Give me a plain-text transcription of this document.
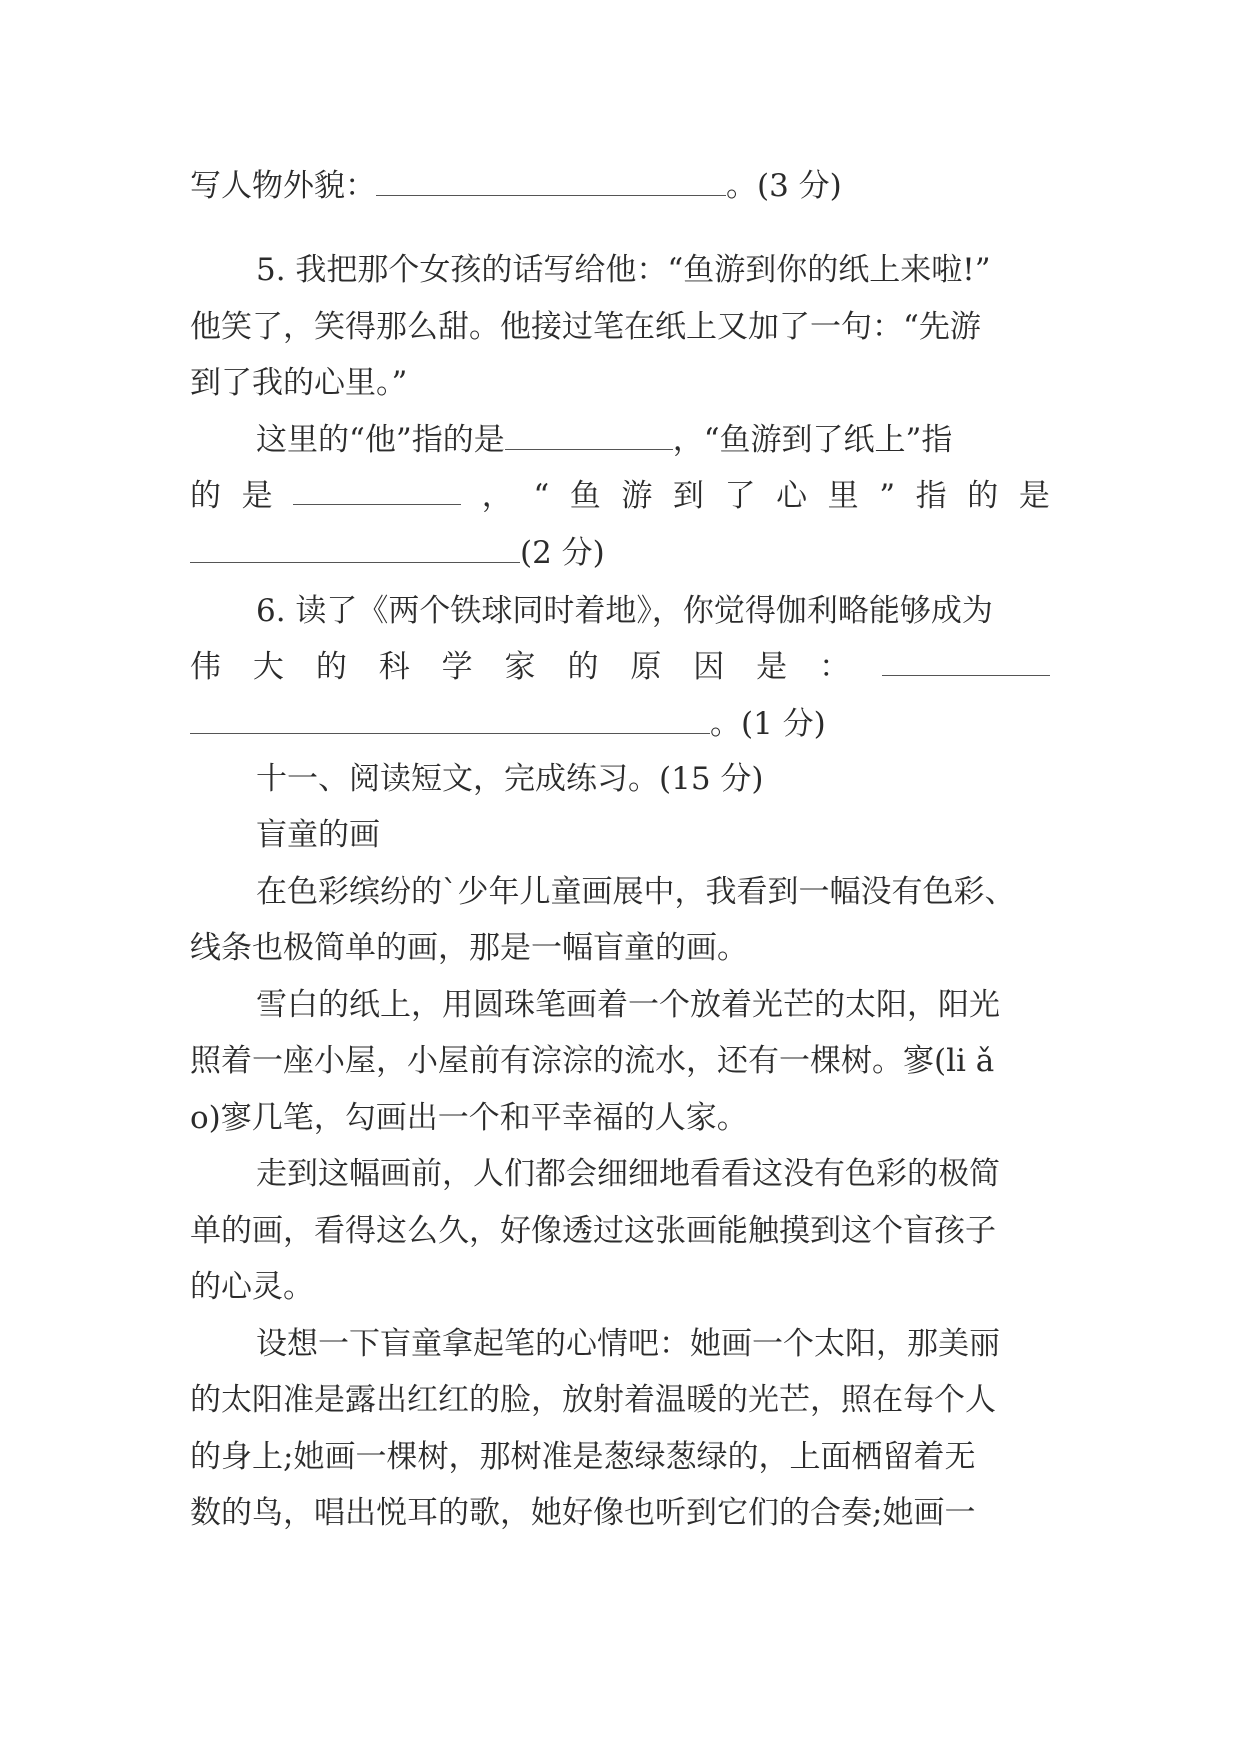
写人物外貌：	。(3 分)
5. 我把那个女孩的话写给他：“鱼游到你的纸上来啦!”
他笑了，笑得那么甜。他接过笔在纸上又加了一句：“先游
到了我的心里。”
这里的“他”指的是	，“鱼游到了纸上”指
的 是	， “ 鱼 游 到 了 心 里 ” 指 的 是
(2 分)
6. 读了《两个铁球同时着地》，你觉得伽利略能够成为
伟 大 的 科 学 家 的 原 因 是 ：
。(1 分)
十一、阅读短文，完成练习。(15 分)
盲童的画
在色彩缤纷的`少年儿童画展中，我看到一幅没有色彩、
线条也极简单的画，那是一幅盲童的画。
雪白的纸上，用圆珠笔画着一个放着光芒的太阳，阳光
照着一座小屋，小屋前有淙淙的流水，还有一棵树。寥(li ǎ
o)寥几笔，勾画出一个和平幸福的人家。
走到这幅画前，人们都会细细地看看这没有色彩的极简
单的画，看得这么久，好像透过这张画能触摸到这个盲孩子
的心灵。
设想一下盲童拿起笔的心情吧：她画一个太阳，那美丽
的太阳准是露出红红的脸，放射着温暖的光芒，照在每个人
的身上;她画一棵树，那树准是葱绿葱绿的，上面栖留着无
数的鸟，唱出悦耳的歌，她好像也听到它们的合奏;她画一
